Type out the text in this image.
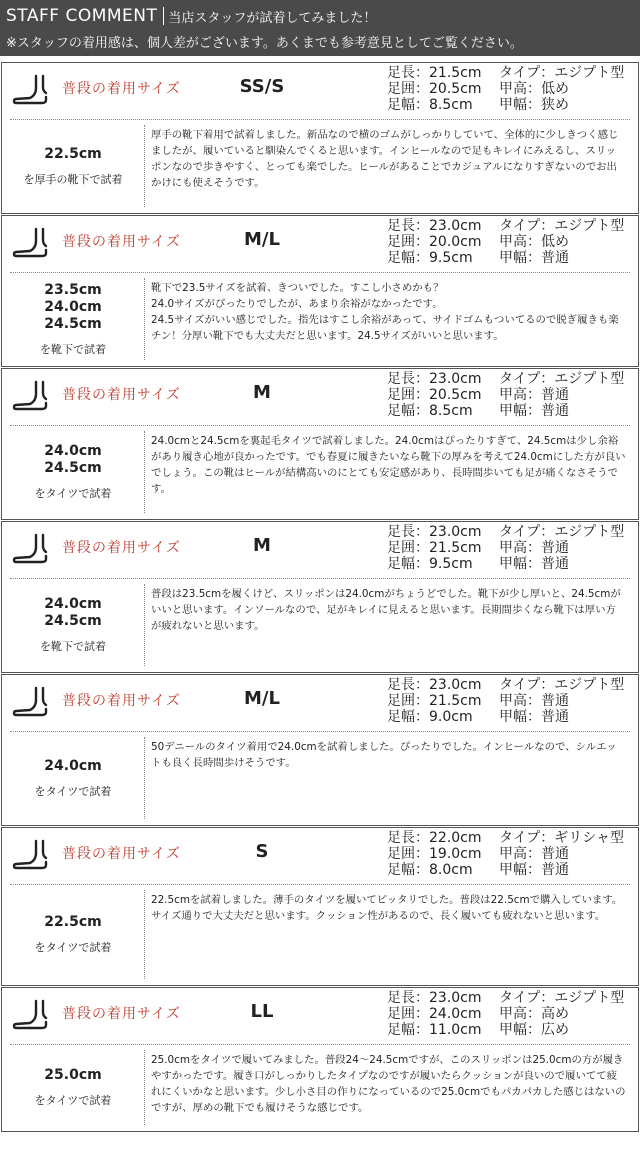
STAFF COMMENT 当店スタッフが試着してみました！
※スタッフの着用感は、個人差がございます。あくまでも参考意見としてご覧ください。
普段の着用サイズ	SS/S
足長：21.5cm	タイプ：エジプト型
足囲：20.5cm	甲高：低め
足幅：8.5cm	甲幅：狭め
22.5cm
を厚手の靴下で試着
厚手の靴下着用で試着しました。新品なので横のゴムがしっかりしていて、全体的に少しきつく感じましたが、履いていると馴染んでくると思います。インヒールなので足もキレイにみえるし、スリッポンなので歩きやすく、とっても楽でした。ヒールがあることでカジュアルになりすぎないのでお出かけにも使えそうです。
普段の着用サイズ	M/L
足長：23.0cm	タイプ：エジプト型
足囲：20.0cm	甲高：低め
足幅：9.5cm	甲幅：普通
23.5cm
24.0cm
24.5cm
を靴下で試着
靴下で23.5サイズを試着、きついでした。すこし小さめかも？
24.0サイズがぴったりでしたが、あまり余裕がなかったです。
24.5サイズがいい感じでした。指先はすこし余裕があって、サイドゴムもついてるので脱ぎ履きも楽チン！分厚い靴下でも大丈夫だと思います。24.5サイズがいいと思います。
普段の着用サイズ	M
足長：23.0cm	タイプ：エジプト型
足囲：20.5cm	甲高：普通
足幅：8.5cm	甲幅：普通
24.0cm
24.5cm
をタイツで試着
24.0cmと24.5cmを裏起毛タイツで試着しました。24.0cmはぴったりすぎて、24.5cmは少し余裕があり履き心地が良かったです。でも春夏に履きたいなら靴下の厚みを考えて24.0cmにした方が良いでしょう。この靴はヒールが結構高いのにとても安定感があり、長時間歩いても足が痛くなさそうです。
普段の着用サイズ	M
足長：23.0cm	タイプ：エジプト型
足囲：21.5cm	甲高：普通
足幅：9.5cm	甲幅：普通
24.0cm
24.5cm
を靴下で試着
普段は23.5cmを履くけど、スリッポンは24.0cmがちょうどでした。靴下が少し厚いと、24.5cmがいいと思います。インソールなので、足がキレイに見えると思います。長期間歩くなら靴下は厚い方が疲れないと思います。
普段の着用サイズ	M/L
足長：23.0cm	タイプ：エジプト型
足囲：21.5cm	甲高：普通
足幅：9.0cm	甲幅：普通
24.0cm
をタイツで試着
50デニールのタイツ着用で24.0cmを試着しました。ぴったりでした。インヒールなので、シルエットも良く長時間歩けそうです。
普段の着用サイズ	S
足長：22.0cm	タイプ：ギリシャ型
足囲：19.0cm	甲高：普通
足幅：8.0cm	甲幅：普通
22.5cm
をタイツで試着
22.5cmを試着しました。薄手のタイツを履いてピッタリでした。普段は22.5cmで購入しています。サイズ通りで大丈夫だと思います。クッション性があるので、長く履いても疲れないと思います。
普段の着用サイズ	LL
足長：23.0cm	タイプ：エジプト型
足囲：24.0cm	甲高：高め
足幅：11.0cm	甲幅：広め
25.0cm
をタイツで試着
25.0cmをタイツで履いてみました。普段24〜24.5cmですが、このスリッポンは25.0cmの方が履きやすかったです。履き口がしっかりしたタイプなのですが履いたらクッションが良いので履いてて疲れにくいかなと思います。少し小さ目の作りになっているので25.0cmでもパカパカした感じはないのですが、厚めの靴下でも履けそうな感じです。
